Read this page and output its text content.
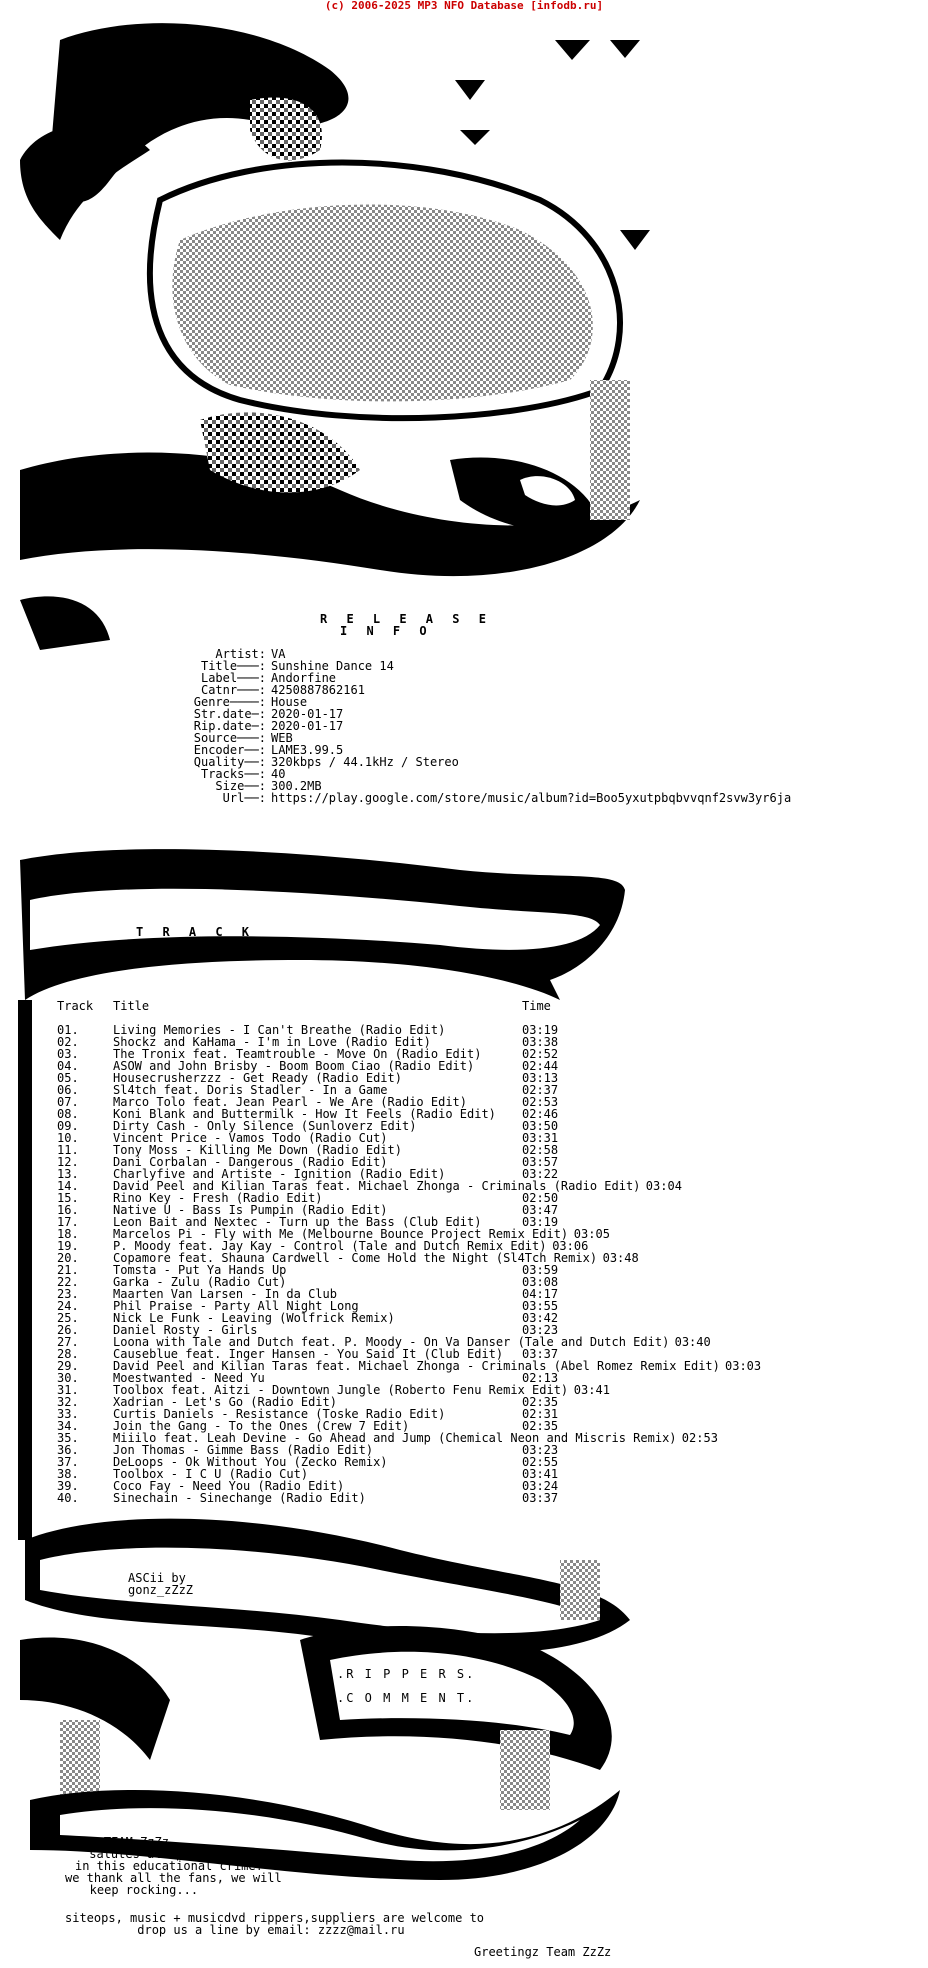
(c) 2006-2025 MP3 NFO Database [infodb.ru]
R E L E A S E
I N F O
Artist: VA
Title───: Sunshine Dance 14
Label───: Andorfine
Catnr───: 4250887862161
Genre────: House
Str.date─: 2020-01-17
Rip.date─: 2020-01-17
Source───: WEB
Encoder──: LAME3.99.5
Quality──: 320kbps / 44.1kHz / Stereo
Tracks──: 40
Size──: 300.2MB
Url──: https://play.google.com/store/music/album?id=Boo5yxutpbqbvvqnf2svw3yr6ja
T R A C K
L I S T I N G
Track Title	Time
01.	Living Memories - I Can't Breathe (Radio Edit)	03:19
02.	Shockz and KaHama - I'm in Love (Radio Edit)	03:38
03.	The Tronix feat. Teamtrouble - Move On (Radio Edit)	02:52
04.	ASOW and John Brisby - Boom Boom Ciao (Radio Edit)	02:44
05.	Housecrusherzzz - Get Ready (Radio Edit)	03:13
06.	Sl4tch feat. Doris Stadler - In a Game	02:37
07.	Marco Tolo feat. Jean Pearl - We Are (Radio Edit)	02:53
08.	Koni Blank and Buttermilk - How It Feels (Radio Edit) 02:46
09.	Dirty Cash - Only Silence (Sunloverz Edit)	03:50
10.	Vincent Price - Vamos Todo (Radio Cut)	03:31
11.	Tony Moss - Killing Me Down (Radio Edit)	02:58
12.	Dani Corbalan - Dangerous (Radio Edit)	03:57
13.	Charlyfive and Artiste - Ignition (Radio Edit)	03:22
14.	David Peel and Kilian Taras feat. Michael Zhonga - Criminals (Radio Edit) 03:04
15.	Rino Key - Fresh (Radio Edit)	02:50
16.	Native U - Bass Is Pumpin (Radio Edit)	03:47
17.	Leon Bait and Nextec - Turn up the Bass (Club Edit)	03:19
18.	Marcelos Pi - Fly with Me (Melbourne Bounce Project Remix Edit) 03:05
19.	P. Moody feat. Jay Kay - Control (Tale and Dutch Remix Edit) 03:06
20.	Copamore feat. Shauna Cardwell - Come Hold the Night (Sl4Tch Remix) 03:48
21.	Tomsta - Put Ya Hands Up	03:59
22.	Garka - Zulu (Radio Cut)	03:08
23.	Maarten Van Larsen - In da Club	04:17
24.	Phil Praise - Party All Night Long	03:55
25.	Nick Le Funk - Leaving (Wolfrick Remix)	03:42
26.	Daniel Rosty - Girls	03:23
27.	Loona with Tale and Dutch feat. P. Moody - On Va Danser (Tale and Dutch Edit) 03:40
28.	Causeblue feat. Inger Hansen - You Said It (Club Edit) 03:37
29.	David Peel and Kilian Taras feat. Michael Zhonga - Criminals (Abel Romez Remix Edit) 03:03
30.	Moestwanted - Need Yu	02:13
31.	Toolbox feat. Aitzi - Downtown Jungle (Roberto Fenu Remix Edit) 03:41
32.	Xadrian - Let's Go (Radio Edit)	02:35
33.	Curtis Daniels - Resistance (Toske Radio Edit)	02:31
34.	Join the Gang - To the Ones (Crew 7 Edit)	02:35
35.	Miiilo feat. Leah Devine - Go Ahead and Jump (Chemical Neon and Miscris Remix) 02:53
36.	Jon Thomas - Gimme Bass (Radio Edit)	03:23
37.	DeLoops - Ok Without You (Zecko Remix)	02:55
38.	Toolbox - I C U (Radio Cut)	03:41
39.	Coco Fay - Need You (Radio Edit)	03:24
40.	Sinechain - Sinechange (Radio Edit)	03:37
ASCii by
gonz_zZzZ
.R I P P E R S.
.C O M M E N T.
TEAM ZzZz
salutes all partners
in this educational crime!
we thank all the fans, we will
keep rocking...
siteops, music + musicdvd rippers,suppliers are welcome to
drop us a line by email: zzzz@mail.ru
Greetingz Team ZzZz
